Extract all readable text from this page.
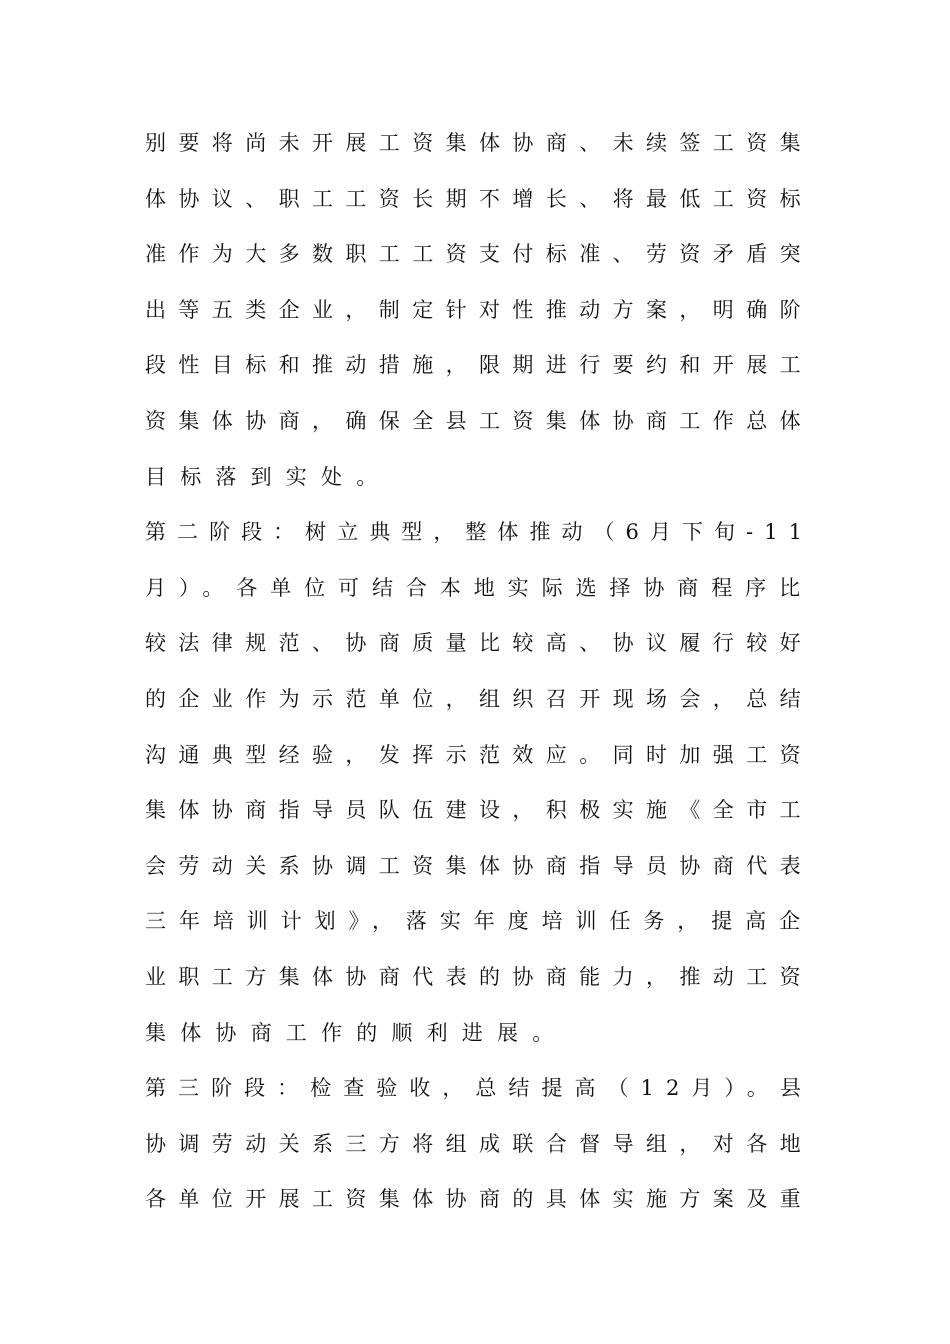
别要将尚未开展工资集体协商、未续签工资集
体协议、职工工资长期不增长、将最低工资标
准作为大多数职工工资支付标准、劳资矛盾突
出等五类企业，制定针对性推动方案，明确阶
段性目标和推动措施，限期进行要约和开展工
资集体协商，确保全县工资集体协商工作总体
目标落到实处。
第二阶段：树立典型，整体推动（6月下旬-11
月）。各单位可结合本地实际选择协商程序比
较法律规范、协商质量比较高、协议履行较好
的企业作为示范单位，组织召开现场会，总结
沟通典型经验，发挥示范效应。同时加强工资
集体协商指导员队伍建设，积极实施《全市工
会劳动关系协调工资集体协商指导员协商代表
三年培训计划》，落实年度培训任务，提高企
业职工方集体协商代表的协商能力，推动工资
集体协商工作的顺利进展。
第三阶段：检查验收，总结提高（12月）。县
协调劳动关系三方将组成联合督导组，对各地
各单位开展工资集体协商的具体实施方案及重
